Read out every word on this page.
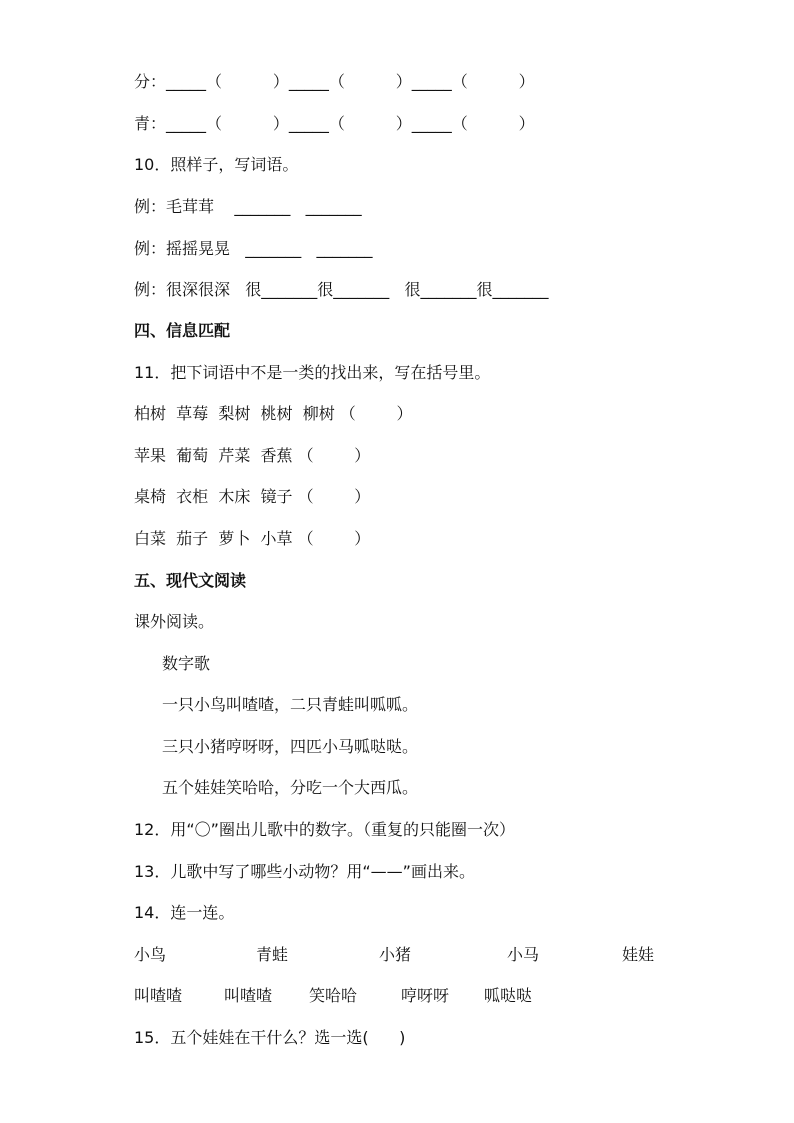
分：_____（          ）_____（          ）_____（          ）
青：_____（          ）_____（          ）_____（          ）
10．照样子，写词语。
例：毛茸茸    _______   _______
例：摇摇晃晃   _______   _______
例：很深很深   很_______很_______   很_______很_______
四、信息匹配
11．把下词语中不是一类的找出来，写在括号里。
柏树  草莓  梨树  桃树  柳树 （        ）
苹果  葡萄  芹菜  香蕉 （        ）
桌椅  衣柜  木床  镜子 （        ）
白菜  茄子  萝卜  小草 （        ）
五、现代文阅读
课外阅读。
数字歌
一只小鸟叫喳喳，二只青蛙叫呱呱。
三只小猪哼呀呀，四匹小马呱哒哒。
五个娃娃笑哈哈，分吃一个大西瓜。
12．用“〇”圈出儿歌中的数字。（重复的只能圈一次）
13．儿歌中写了哪些小动物？用“——”画出来。
14．连一连。
小鸟	青蛙	小猪	小马	娃娃
叫喳喳	叫喳喳 笑哈哈	哼呀呀 呱哒哒
15．五个娃娃在干什么？选一选(      )
